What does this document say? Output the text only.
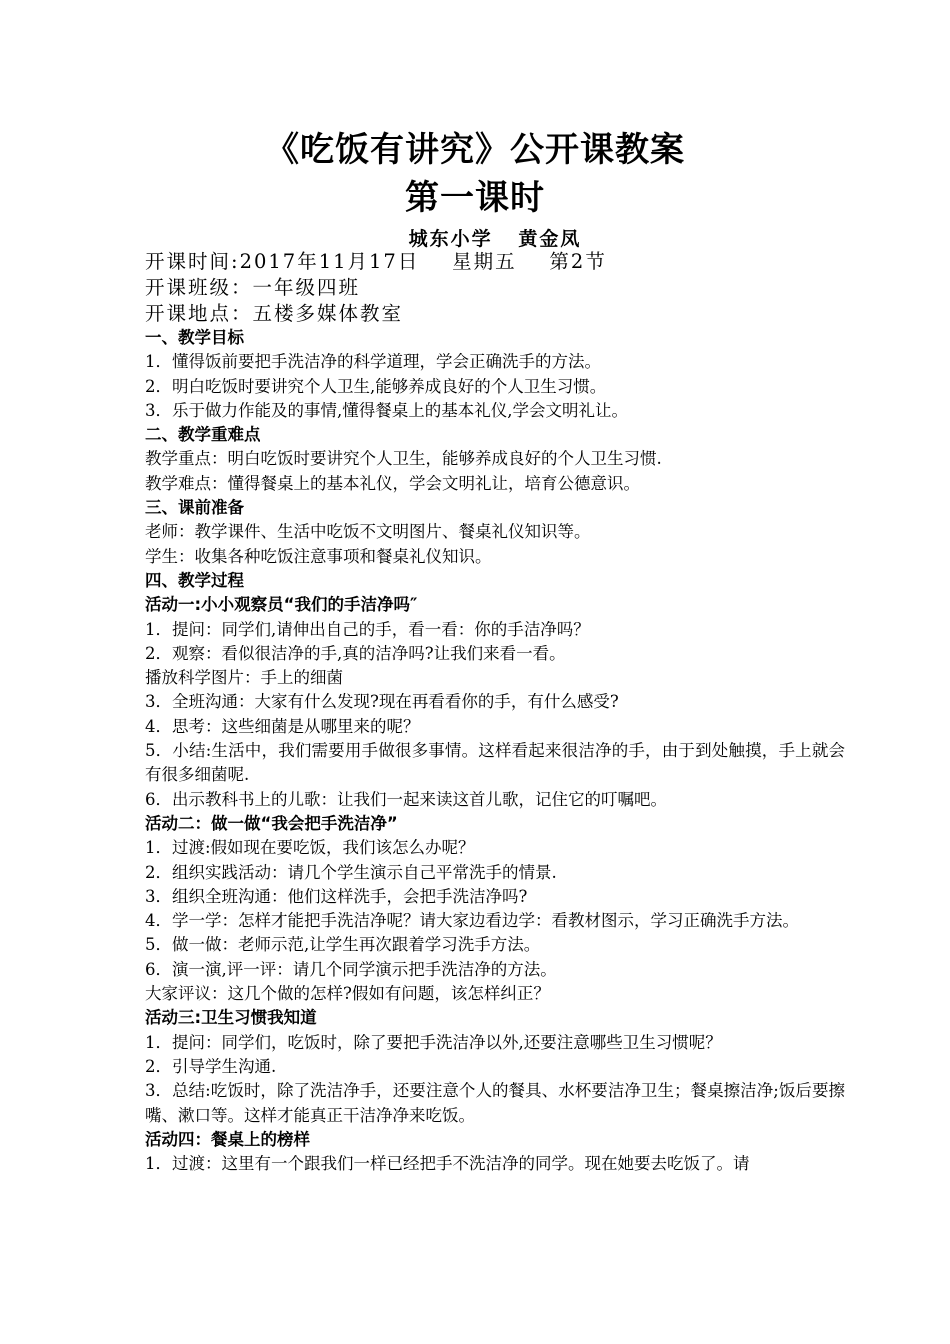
《吃饭有讲究》公开课教案
第一课时
城东小学   黄金凤
开课时间:2017年11月17日    星期五    第2节
开课班级：一年级四班
开课地点：五楼多媒体教室

一、教学目标

1．懂得饭前要把手洗洁净的科学道理，学会正确洗手的方法。

2．明白吃饭时要讲究个人卫生,能够养成良好的个人卫生习惯。

3．乐于做力作能及的事情,懂得餐桌上的基本礼仪,学会文明礼让。

二、教学重难点

教学重点：明白吃饭时要讲究个人卫生，能够养成良好的个人卫生习惯.

教学难点：懂得餐桌上的基本礼仪，学会文明礼让，培育公德意识。

三、课前准备

老师：教学课件、生活中吃饭不文明图片、餐桌礼仪知识等。

学生：收集各种吃饭注意事项和餐桌礼仪知识。

四、教学过程

活动一:小小观察员“我们的手洁净吗″

1．提问：同学们,请伸出自己的手，看一看：你的手洁净吗？

2．观察：看似很洁净的手,真的洁净吗?让我们来看一看。

播放科学图片：手上的细菌

3．全班沟通：大家有什么发现?现在再看看你的手，有什么感受?

4．思考：这些细菌是从哪里来的呢？

5．小结:生活中，我们需要用手做很多事情。这样看起来很洁净的手，由于到处触摸，手上就会有很多细菌呢.

6．出示教科书上的儿歌：让我们一起来读这首儿歌，记住它的叮嘱吧。

活动二：做一做“我会把手洗洁净”

1．过渡:假如现在要吃饭，我们该怎么办呢？

2．组织实践活动：请几个学生演示自己平常洗手的情景.

3．组织全班沟通：他们这样洗手，会把手洗洁净吗?

4．学一学：怎样才能把手洗洁净呢？请大家边看边学：看教材图示，学习正确洗手方法。

5．做一做：老师示范,让学生再次跟着学习洗手方法。

6．演一演,评一评：请几个同学演示把手洗洁净的方法。

大家评议：这几个做的怎样?假如有问题，该怎样纠正？

活动三:卫生习惯我知道

1．提问：同学们，吃饭时，除了要把手洗洁净以外,还要注意哪些卫生习惯呢？

2．引导学生沟通.

3．总结:吃饭时，除了洗洁净手，还要注意个人的餐具、水杯要洁净卫生；餐桌擦洁净;饭后要擦嘴、漱口等。这样才能真正干洁净净来吃饭。

活动四：餐桌上的榜样

1．过渡：这里有一个跟我们一样已经把手不洗洁净的同学。现在她要去吃饭了。请
